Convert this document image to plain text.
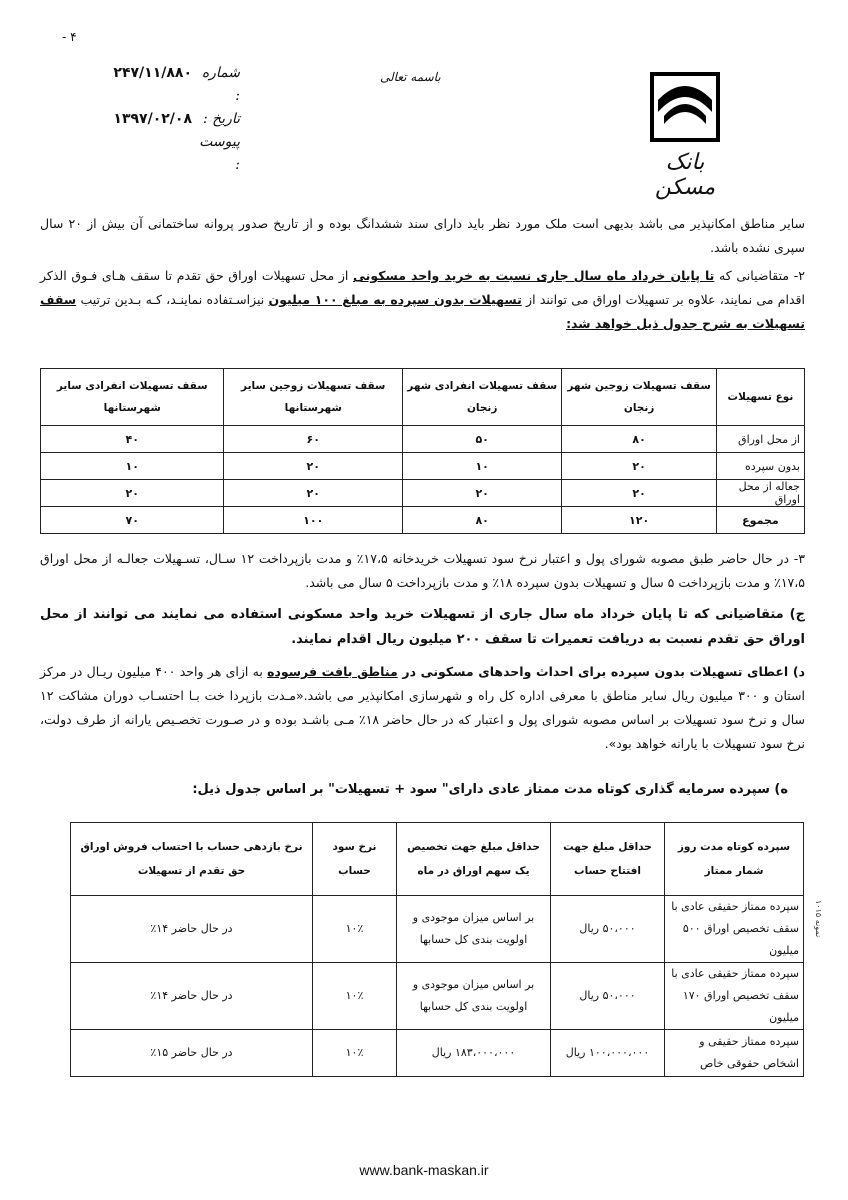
- ۴
شماره :
۲۴۷/۱۱/۸۸۰
تاریخ :
۱۳۹۷/۰۲/۰۸
پیوست :
باسمه تعالی
بانک مسکن
سایر مناطق امکانپذیر می باشد بدیهی است ملک مورد نظر باید دارای سند ششدانگ بوده و از تاریخ صدور پروانه ساختمانی آن بیش از ۲۰ سال سپری نشده باشد.
۲- متقاضیانی که تا پایان خرداد ماه سال جاری نسبت به خرید واحد مسکونی از محل تسهیلات اوراق حق تقدم تا سقف هـای فـوق الذکر اقدام می نمایند، علاوه بر تسهیلات اوراق می توانند از تسهیلات بدون سپرده به مبلغ ۱۰۰ میلیون نیزاسـتفاده نماینـد، کـه بـدین ترتیب سقف تسهیلات به شرح جدول ذیل خواهد شد:
نوع تسهیلات	سقف تسهیلات زوجین شهر زنجان	سقف تسهیلات انفرادی شهر زنجان	سقف تسهیلات زوجین سایر شهرستانها	سقف تسهیلات انفرادی سایر شهرستانها
از محل اوراق	۸۰	۵۰	۶۰	۴۰
بدون سپرده	۲۰	۱۰	۲۰	۱۰
جعاله از محل اوراق	۲۰	۲۰	۲۰	۲۰
مجموع	۱۲۰	۸۰	۱۰۰	۷۰
۳- در حال حاضر طبق مصوبه شورای پول و اعتبار نرخ سود تسهیلات خریدخانه ۱۷،۵٪ و مدت بازپرداخت ۱۲ سـال، تسـهیلات جعالـه از محل اوراق ۱۷،۵٪ و مدت بازپرداخت ۵ سال و تسهیلات بدون سپرده ۱۸٪ و مدت بازپرداخت ۵ سال می باشد.
ج) متقاضیانی که تا پایان خرداد ماه سال جاری از تسهیلات خرید واحد مسکونی استفاده می نمایند می توانند از محل اوراق حق تقدم نسبت به دریافت تعمیرات تا سقف ۲۰۰ میلیون ریال اقدام نمایند.
د) اعطای تسهیلات بدون سپرده برای احداث واحدهای مسکونی در مناطق بافت فرسوده به ازای هر واحد ۴۰۰ میلیون ریـال در مرکز استان و ۳۰۰ میلیون ریال سایر مناطق با معرفی اداره کل راه و شهرسازی امکانپذیر می باشد.«مـدت بازپردا خت بـا احتسـاب دوران مشاکت ۱۲ سال و نرخ سود تسهیلات بر اساس مصوبه شورای پول و اعتبار که در حال حاضر ۱۸٪ مـی باشـد بوده و در صـورت تخصـیص یارانه از طرف دولت، نرخ سود تسهیلات با یارانه خواهد بود».
ه) سپرده سرمایه گذاری کوتاه مدت ممتاز عادی دارای" سود + تسهیلات" بر اساس جدول ذیل:
سپرده کوتاه مدت روز شمار ممتاز	حداقل مبلغ جهت افتتاح حساب	حداقل مبلغ جهت تخصیص یک سهم اوراق در ماه	نرخ سود حساب	نرخ بازدهی حساب با احتساب فروش اوراق حق تقدم از تسهیلات
سپرده ممتاز حقیقی عادی با سقف تخصیص اوراق ۵۰۰ میلیون	۵۰،۰۰۰ ریال	بر اساس میزان موجودی و اولویت بندی کل حسابها	۱۰٪	در حال حاضر ۱۴٪
سپرده ممتاز حقیقی عادی با سقف تخصیص اوراق ۱۷۰ میلیون	۵۰،۰۰۰ ریال	بر اساس میزان موجودی و اولویت بندی کل حسابها	۱۰٪	در حال حاضر ۱۴٪
سپرده ممتاز حقیقی و اشخاص حقوقی خاص	۱۰۰،۰۰۰،۰۰۰ ریال	۱۸۳،۰۰۰،۰۰۰ ریال	۱۰٪	در حال حاضر ۱۵٪
نمونه ۱۰۱۵
www.bank-maskan.ir
